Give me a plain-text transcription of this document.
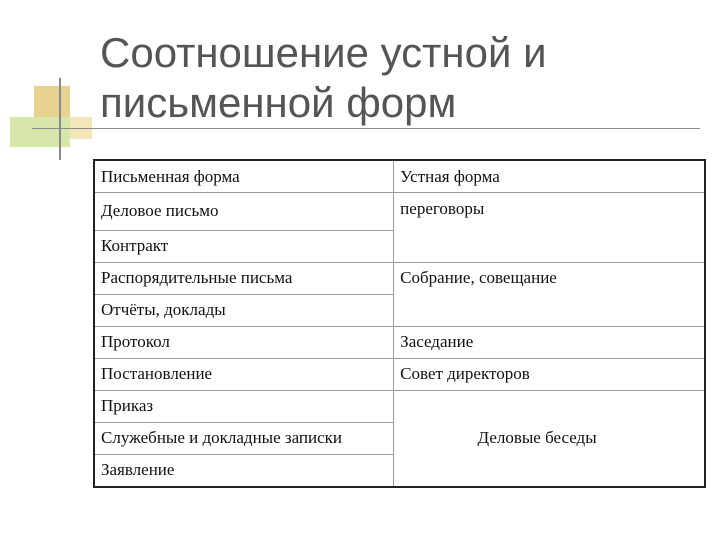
Соотношение устной и письменной форм
Письменная форма	Устная форма
Деловое письмо	переговоры
Контракт	
Распорядительные письма	Собрание, совещание
Отчёты, доклады	
Протокол	Заседание
Постановление	Совет директоров
Приказ	Деловые беседы
Служебные и докладные записки	
Заявление	
